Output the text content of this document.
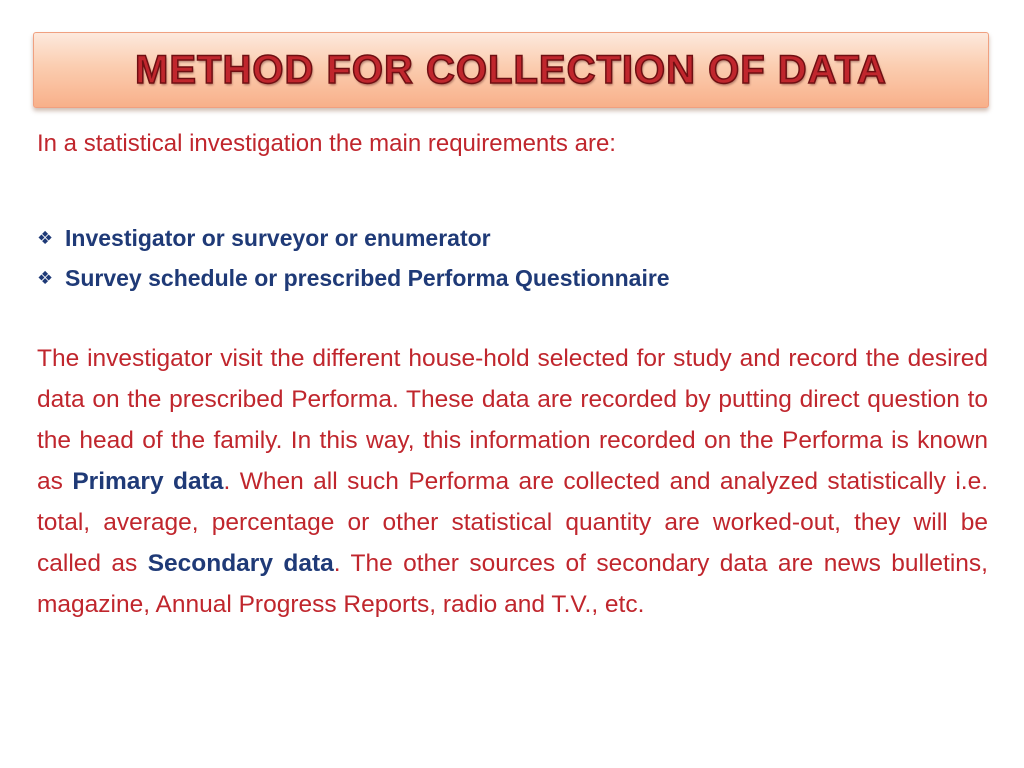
METHOD FOR COLLECTION OF DATA
In a statistical investigation the main requirements are:
❖ Investigator or surveyor or enumerator
❖ Survey schedule or prescribed Performa Questionnaire

The investigator visit the different house-hold selected for study and record the desired data on the prescribed Performa. These data are recorded by putting direct question to the head of the family. In this way, this information recorded on the Performa is known as Primary data. When all such Performa are collected and analyzed statistically i.e. total, average, percentage or other statistical quantity are worked-out, they will be called as Secondary data. The other sources of secondary data are news bulletins, magazine, Annual Progress Reports, radio and T.V., etc.
